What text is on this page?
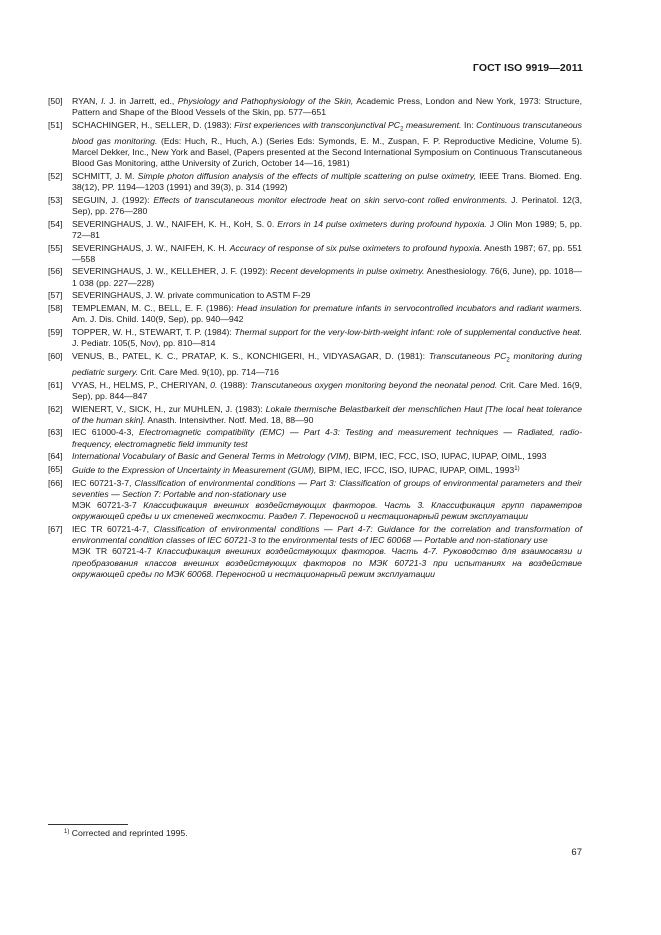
ГОСТ ISO 9919—2011
[50]	RYAN, I. J. in Jarrett, ed., Physiology and Pathophysiology of the Skin, Academic Press, London and New York, 1973: Structure, Pattern and Shape of the Blood Vessels of the Skin, pp. 577—651
[51]	SCHACHINGER, H., SELLER, D. (1983): First experiences with transconjunctival $PC_2$ measurement. In: Continuous transcutaneous blood gas monitoring. (Eds: Huch, R., Huch, A.) (Series Eds: Symonds, E. M., Zuspan, F. P. Reproductive Medicine, Volume 5). Marcel Dekker, Inc., New York and Basel, (Papers presented at the Second International Symposium on Continuous Transcutaneous Blood Gas Monitoring, atthe University of Zurich, October 14—16, 1981)
[52]	SCHMITT, J. M. Simple photon diffusion analysis of the effects of multiple scattering on pulse oximetry, IEEE Trans. Biomed. Eng. 38(12), PP. 1194—1203 (1991) and 39(3), p. 314 (1992)
[53]	SEGUIN, J. (1992): Effects of transcutaneous monitor electrode heat on skin servo-cont rolled environments. J. Perinatol. 12(3, Sep), pp. 276—280
[54]	SEVERINGHAUS, J. W., NAIFEH, K. H., KoH, S. 0. Errors in 14 pulse oximeters during profound hypoxia. J Olin Mon 1989; 5, pp. 72—81
[55]	SEVERINGHAUS, J. W., NAIFEH, K. H. Accuracy of response of six pulse oximeters to profound hypoxia. Anesth 1987; 67, pp. 551—558
[56]	SEVERINGHAUS, J. W., KELLEHER, J. F. (1992): Recent developments in pulse oximetry. Anesthesiology. 76(6, June), pp. 1018—1 038 (pp. 227—228)
[57]	SEVERINGHAUS, J. W. private communication to ASTM F-29
[58]	TEMPLEMAN, M. C., BELL, E. F. (1986): Head insulation for premature infants in servocontrolled incubators and radiant warmers. Am. J. Dis. Child. 140(9, Sep), pp. 940—942
[59]	TOPPER, W. H., STEWART, T. P. (1984): Thermal support for the very-low-birth-weight infant: role of supplemental conductive heat. J. Pediatr. 105(5, Nov), pp. 810—814
[60]	VENUS, B., PATEL, K. C., PRATAP, K. S., KONCHIGERI, H., VIDYASAGAR, D. (1981): Transcutaneous $PC_2$ monitoring during pediatric surgery. Crit. Care Med. 9(10), pp. 714—716
[61]	VYAS, H., HELMS, P., CHERIYAN, 0. (1988): Transcutaneous oxygen monitoring beyond the neonatal penod. Crit. Care Med. 16(9, Sep), pp. 844—847
[62]	WIENERT, V., SICK, H., zur MUHLEN, J. (1983): Lokale thermische Belastbarkeit der menschlichen Haut [The local heat tolerance of the human skin]. Anasth. Intensivther. Notf. Med. 18, 88—90
[63]	IEC 61000-4-3, Electromagnetic compatibility (EMC) — Part 4-3: Testing and measurement techniques — Radiated, radio-frequency, electromagnetic field immunity test
[64]	International Vocabulary of Basic and General Terms in Metrology (VIM), BIPM, IEC, FCC, ISO, IUPAC, IUPAP, OIML, 1993
[65]	Guide to the Expression of Uncertainty in Measurement (GUM), BIPM, IEC, IFCC, ISO, IUPAC, IUPAP, OIML, 1993$^{1)}$
[66]	IEC 60721-3-7, Classification of environmental conditions — Part 3: Classification of groups of environmental parameters and their seventies — Section 7: Portable and non-stationary use
МЭК 60721-3-7 Классификация внешних воздействующих факторов. Часть 3. Классификация групп параметров окружающей среды и их степеней жесткости. Раздел 7. Переносной и нестационарный режим эксплуатации
[67]	IEC TR 60721-4-7, Classification of environmental conditions — Part 4-7: Guidance for the correlation and transformation of environmental condition classes of IEC 60721-3 to the environmental tests of IEC 60068 — Portable and non-stationary use
МЭК TR 60721-4-7 Классификация внешних воздействующих факторов. Часть 4-7. Руководство для взаимосвязи и преобразования классов внешних воздействующих факторов по МЭК 60721-3 при испытаниях на воздействие окружающей среды по МЭК 60068. Переносной и нестационарный режим эксплуатации
$^{1)}$ Corrected and reprinted 1995.
67
